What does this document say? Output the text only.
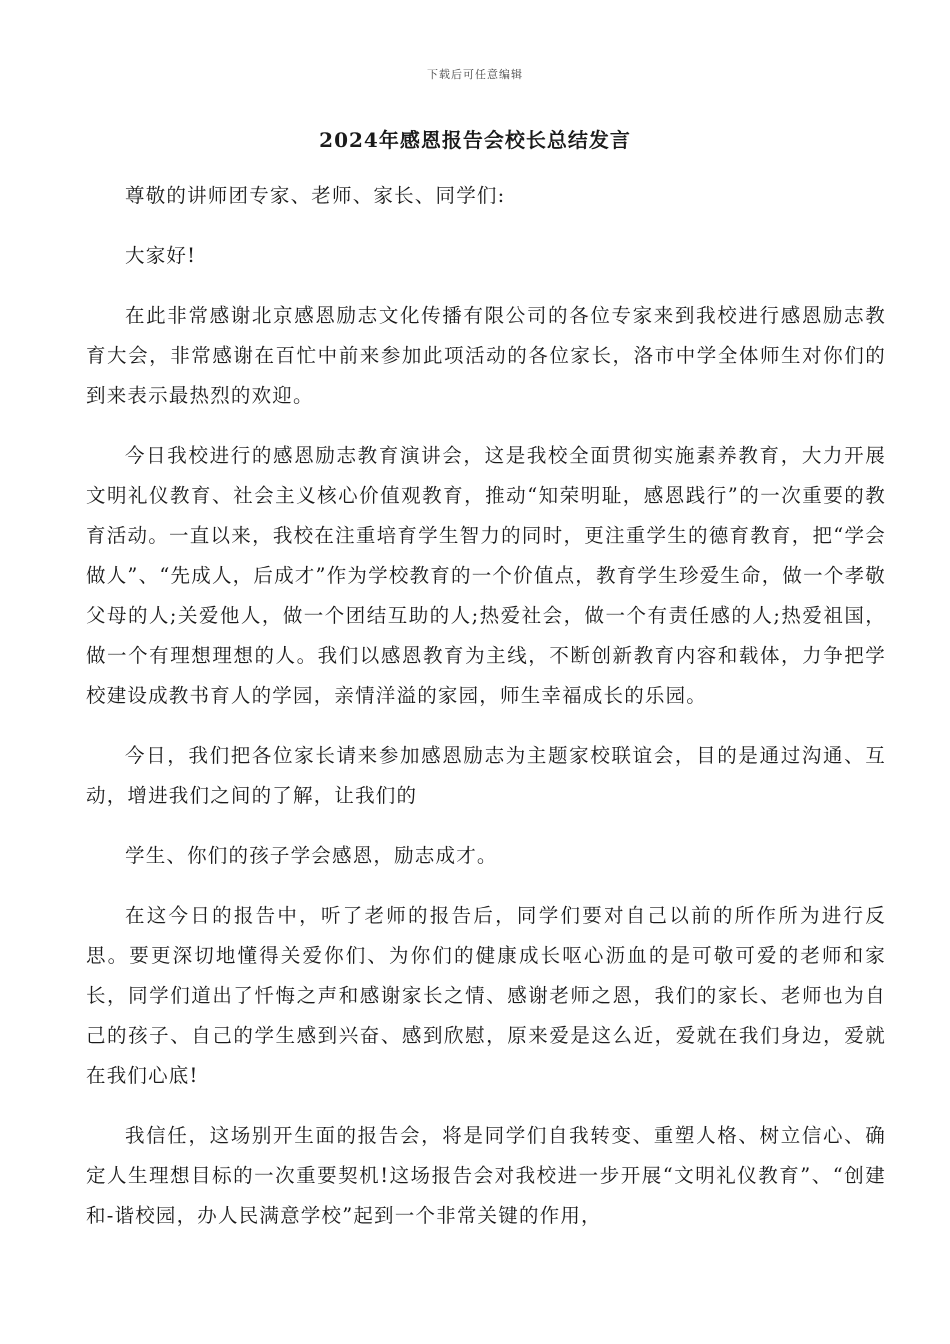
下载后可任意编辑
2024年感恩报告会校长总结发言

尊敬的讲师团专家、老师、家长、同学们:

大家好!

在此非常感谢北京感恩励志文化传播有限公司的各位专家来到我校进行感恩励志教育大会，非常感谢在百忙中前来参加此项活动的各位家长，洛市中学全体师生对你们的到来表示最热烈的欢迎。

今日我校进行的感恩励志教育演讲会，这是我校全面贯彻实施素养教育，大力开展文明礼仪教育、社会主义核心价值观教育，推动“知荣明耻，感恩践行”的一次重要的教育活动。一直以来，我校在注重培育学生智力的同时，更注重学生的德育教育，把“学会做人”、“先成人，后成才”作为学校教育的一个价值点，教育学生珍爱生命，做一个孝敬父母的人;关爱他人，做一个团结互助的人;热爱社会，做一个有责任感的人;热爱祖国，做一个有理想理想的人。我们以感恩教育为主线，不断创新教育内容和载体，力争把学校建设成教书育人的学园，亲情洋溢的家园，师生幸福成长的乐园。

今日，我们把各位家长请来参加感恩励志为主题家校联谊会，目的是通过沟通、互动，增进我们之间的了解，让我们的

学生、你们的孩子学会感恩，励志成才。

在这今日的报告中，听了老师的报告后，同学们要对自己以前的所作所为进行反思。要更深切地懂得关爱你们、为你们的健康成长呕心沥血的是可敬可爱的老师和家长，同学们道出了忏悔之声和感谢家长之情、感谢老师之恩，我们的家长、老师也为自己的孩子、自己的学生感到兴奋、感到欣慰，原来爱是这么近，爱就在我们身边，爱就在我们心底!

我信任，这场别开生面的报告会，将是同学们自我转变、重塑人格、树立信心、确定人生理想目标的一次重要契机!这场报告会对我校进一步开展“文明礼仪教育”、“创建和-谐校园，办人民满意学校”起到一个非常关键的作用，
